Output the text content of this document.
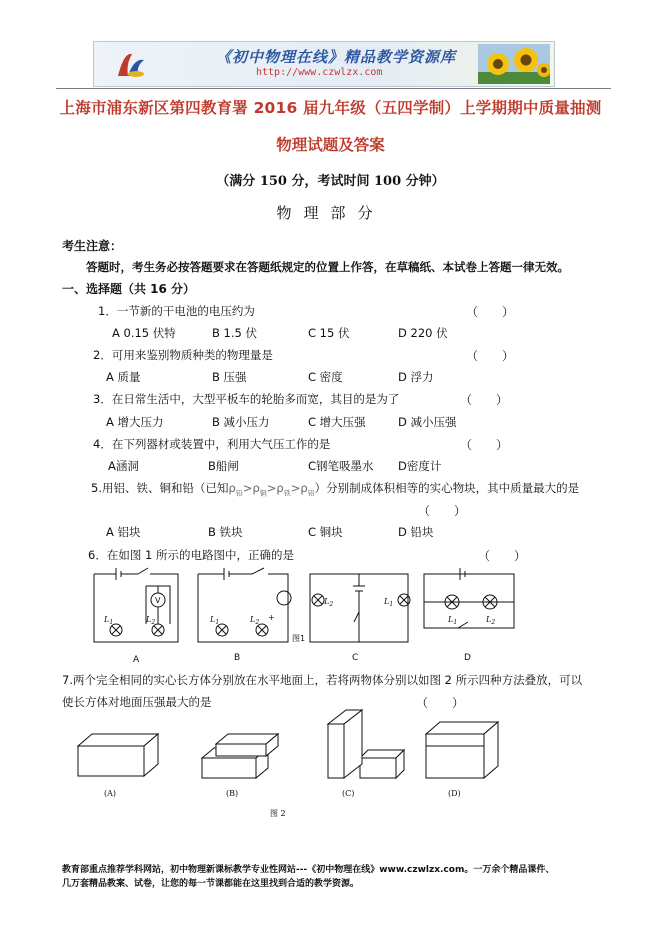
《初中物理在线》精品教学资源库
http://www.czwlzx.com
上海市浦东新区第四教育署 2016 届九年级（五四学制）上学期期中质量抽测
物理试题及答案
（满分 150 分，考试时间 100 分钟）
物理部分
考生注意：
答题时，考生务必按答题要求在答题纸规定的位置上作答，在草稿纸、本试卷上答题一律无效。
一、选择题（共 16 分）
1．一节新的干电池的电压约为	（　　）
A 0.15 伏特	B 1.5 伏	C 15 伏	D 220 伏
2．可用来鉴别物质种类的物理量是	（　　）
A 质量	B 压强	C 密度	D 浮力
3．在日常生活中，大型平板车的轮胎多而宽，其目的是为了	（　　）
A 增大压力	B 减小压力	C 增大压强	D 减小压强
4．在下列器材或装置中，利用大气压工作的是	（　　）
A涵洞	B船闸	C钢笔吸墨水 D密度计
5.用铝、铁、铜和铅（已知$\rho_铅>\rho_铜>\rho_铁>\rho_铝$）分别制成体积相等的实心物块，其中质量最大的是
（　　）
A 铝块	B 铁块	C 铜块	D 铅块
6．在如图 1 所示的电路图中，正确的是	（　　）
$L_1$	$L_2$	$L_1$	$L_2$
$L_2$	$L_1$
$L_1$	$L_2$
V
+
图1
A	B	C	D
7.两个完全相同的实心长方体分别放在水平地面上，若将两物体分别以如图 2 所示四种方法叠放，可以
使长方体对地面压强最大的是	（　　）
(A)	(B)	(C)	(D)
图 2
教育部重点推荐学科网站，初中物理新课标教学专业性网站---《初中物理在线》www.czwlzx.com。一万余个精品课件、
几万套精品教案、试卷，让您的每一节课都能在这里找到合适的教学资源。
